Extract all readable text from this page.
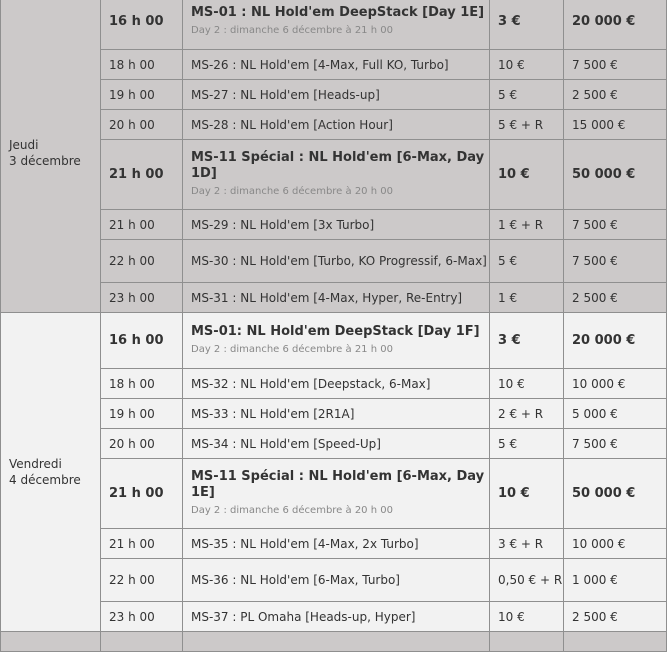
Jeudi
3 décembre	16 h 00	MS-01 : NL Hold'em DeepStack [Day 1E]
Day 2 : dimanche 6 décembre à 21 h 00	3 €	20 000 €
	18 h 00	MS-26 : NL Hold'em [4-Max, Full KO, Turbo]	10 €	7 500 €
	19 h 00	MS-27 : NL Hold'em [Heads-up]	5 €	2 500 €
	20 h 00	MS-28 : NL Hold'em [Action Hour]	5 € + R	15 000 €
	21 h 00	MS-11 Spécial : NL Hold'em [6-Max, Day 1D]
Day 2 : dimanche 6 décembre à 20 h 00	10 €	50 000 €
	21 h 00	MS-29 : NL Hold'em [3x Turbo]	1 € + R	7 500 €
	22 h 00	MS-30 : NL Hold'em [Turbo, KO Progressif, 6-Max]	5 €	7 500 €
	23 h 00	MS-31 : NL Hold'em [4-Max, Hyper, Re-Entry]	1 €	2 500 €

Vendredi
4 décembre	16 h 00	MS-01: NL Hold'em DeepStack [Day 1F]
Day 2 : dimanche 6 décembre à 21 h 00	3 €	20 000 €
	18 h 00	MS-32 : NL Hold'em [Deepstack, 6-Max]	10 €	10 000 €
	19 h 00	MS-33 : NL Hold'em [2R1A]	2 € + R	5 000 €
	20 h 00	MS-34 : NL Hold'em [Speed-Up]	5 €	7 500 €
	21 h 00	MS-11 Spécial : NL Hold'em [6-Max, Day 1E]
Day 2 : dimanche 6 décembre à 20 h 00	10 €	50 000 €
	21 h 00	MS-35 : NL Hold'em [4-Max, 2x Turbo]	3 € + R	10 000 €
	22 h 00	MS-36 : NL Hold'em [6-Max, Turbo]	0,50 € + R	1 000 €
	23 h 00	MS-37 : PL Omaha [Heads-up, Hyper]	10 €	2 500 €
